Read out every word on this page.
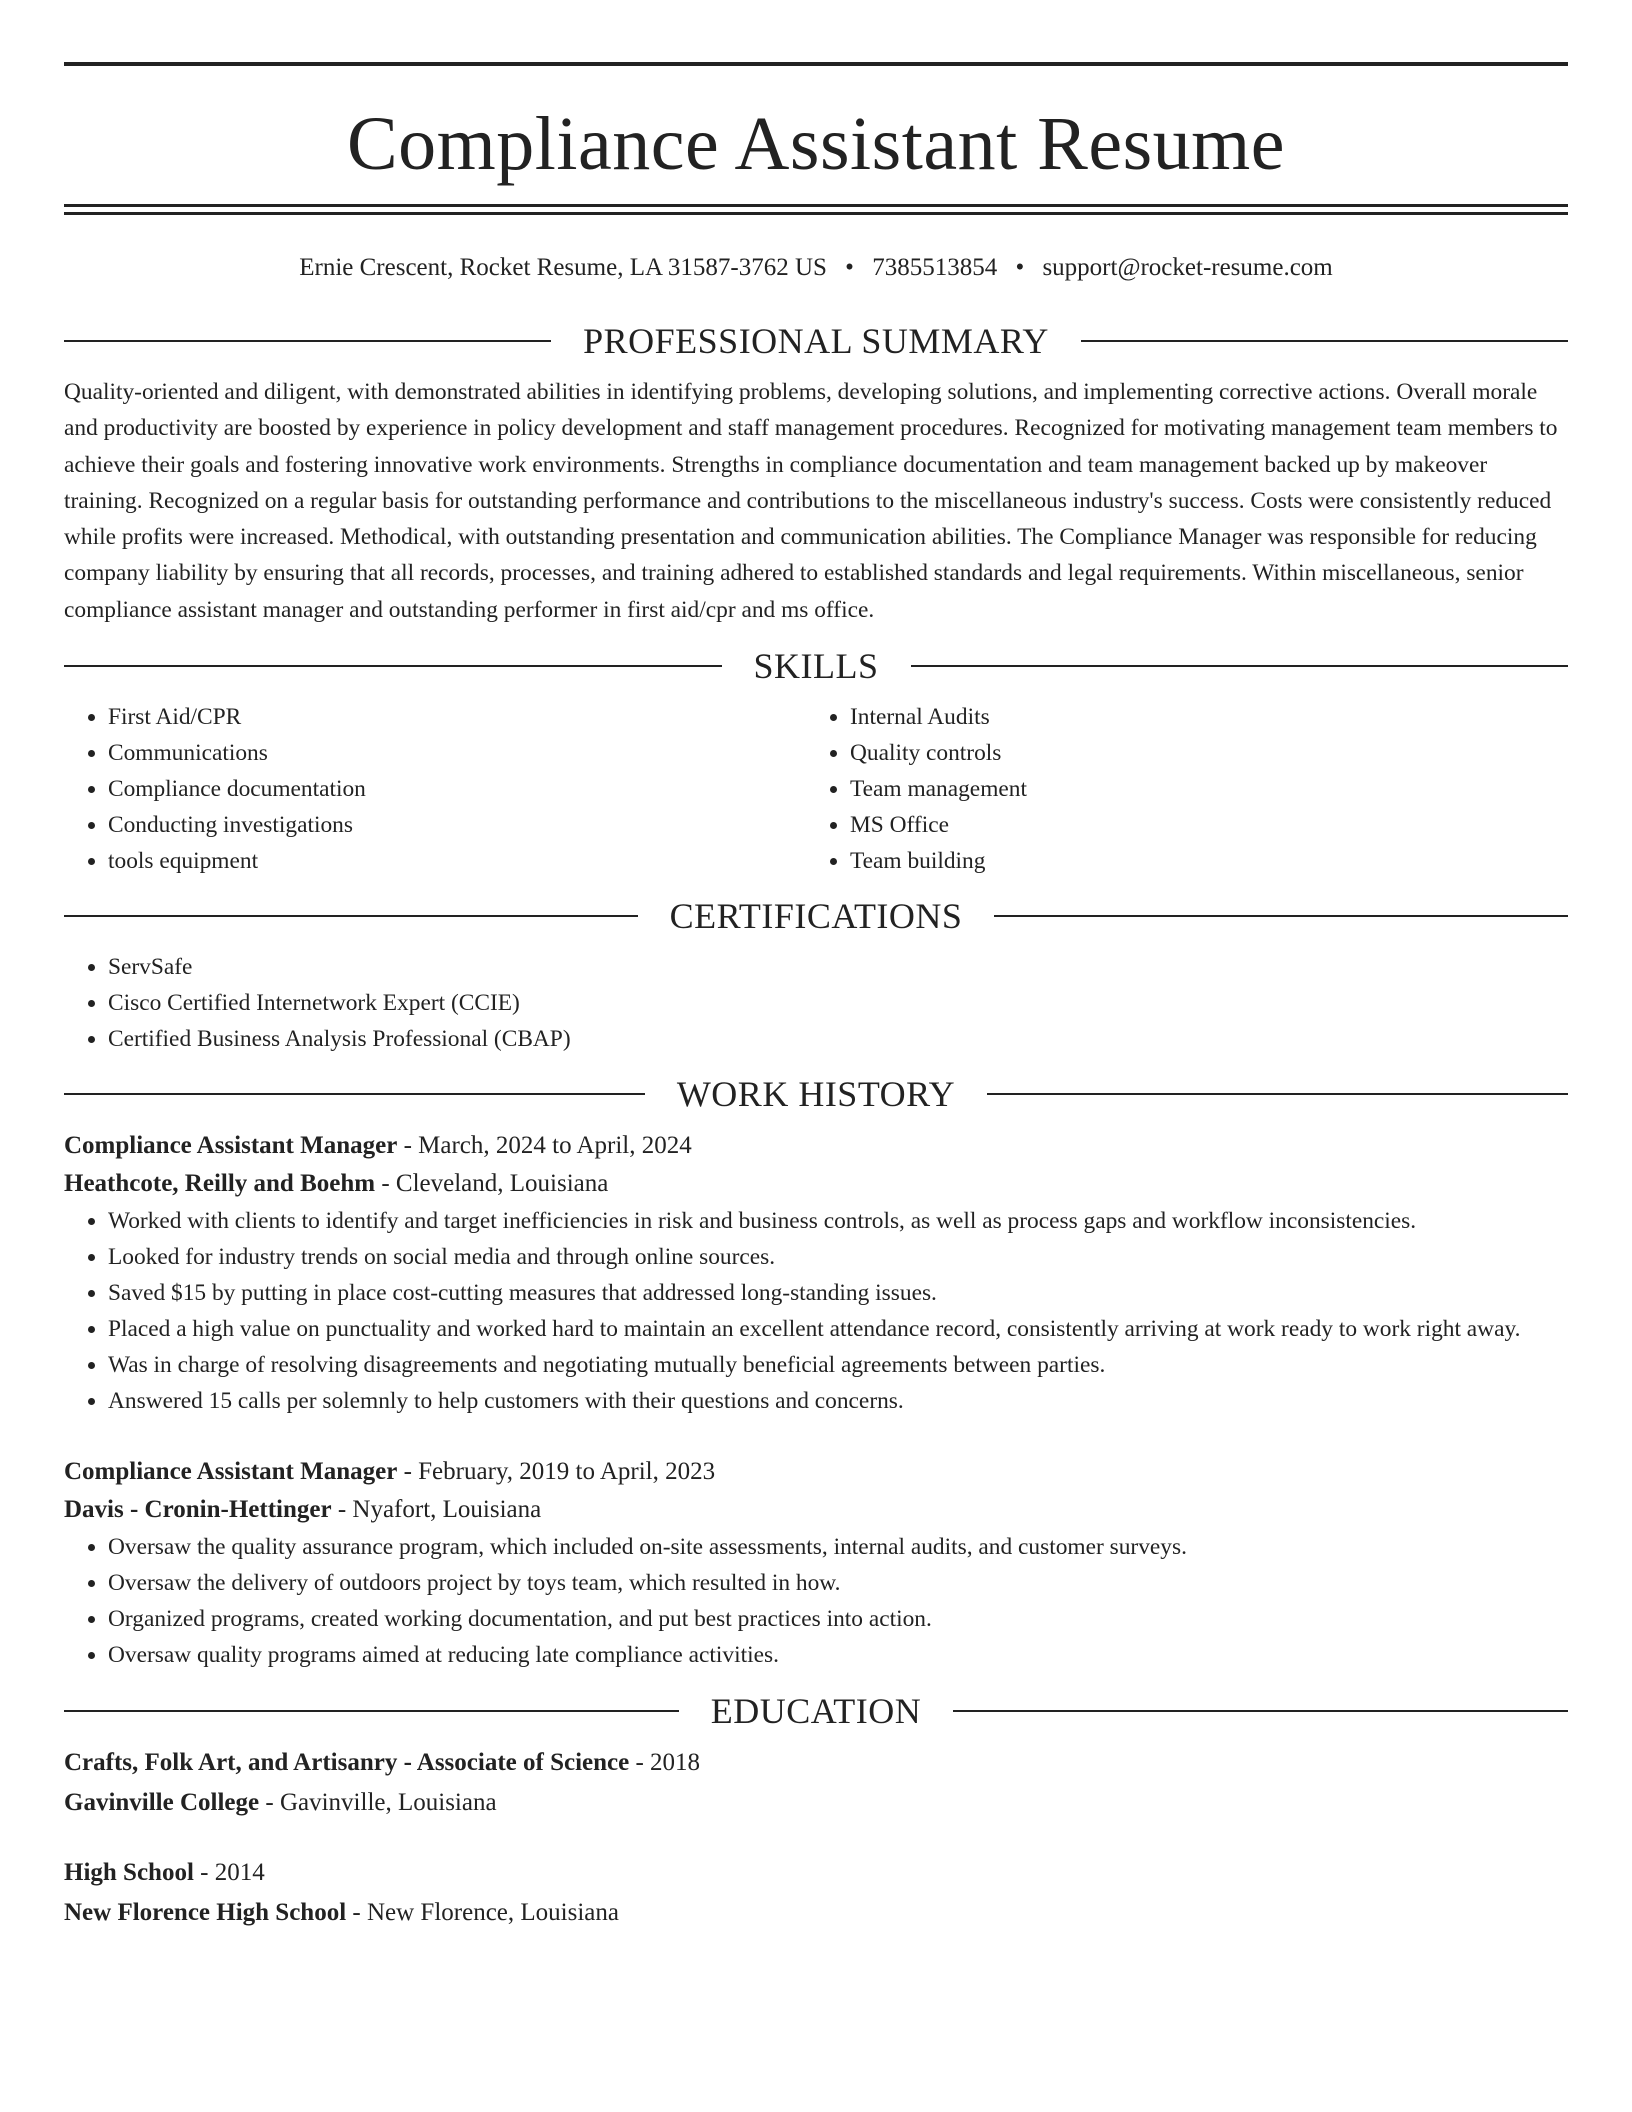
Compliance Assistant Resume
Ernie Crescent, Rocket Resume, LA 31587-3762 US • 7385513854 • support@rocket-resume.com
PROFESSIONAL SUMMARY
Quality-oriented and diligent, with demonstrated abilities in identifying problems, developing solutions, and implementing corrective actions. Overall morale and productivity are boosted by experience in policy development and staff management procedures. Recognized for motivating management team members to achieve their goals and fostering innovative work environments. Strengths in compliance documentation and team management backed up by makeover training. Recognized on a regular basis for outstanding performance and contributions to the miscellaneous industry's success. Costs were consistently reduced while profits were increased. Methodical, with outstanding presentation and communication abilities. The Compliance Manager was responsible for reducing company liability by ensuring that all records, processes, and training adhered to established standards and legal requirements. Within miscellaneous, senior compliance assistant manager and outstanding performer in first aid/cpr and ms office.
SKILLS
• First Aid/CPR
• Communications
• Compliance documentation
• Conducting investigations
• tools equipment
• Internal Audits
• Quality controls
• Team management
• MS Office
• Team building
CERTIFICATIONS
• ServSafe
• Cisco Certified Internetwork Expert (CCIE)
• Certified Business Analysis Professional (CBAP)
WORK HISTORY
Compliance Assistant Manager - March, 2024 to April, 2024
Heathcote, Reilly and Boehm - Cleveland, Louisiana
• Worked with clients to identify and target inefficiencies in risk and business controls, as well as process gaps and workflow inconsistencies.
• Looked for industry trends on social media and through online sources.
• Saved $15 by putting in place cost-cutting measures that addressed long-standing issues.
• Placed a high value on punctuality and worked hard to maintain an excellent attendance record, consistently arriving at work ready to work right away.
• Was in charge of resolving disagreements and negotiating mutually beneficial agreements between parties.
• Answered 15 calls per solemnly to help customers with their questions and concerns.
Compliance Assistant Manager - February, 2019 to April, 2023
Davis - Cronin-Hettinger - Nyafort, Louisiana
• Oversaw the quality assurance program, which included on-site assessments, internal audits, and customer surveys.
• Oversaw the delivery of outdoors project by toys team, which resulted in how.
• Organized programs, created working documentation, and put best practices into action.
• Oversaw quality programs aimed at reducing late compliance activities.
EDUCATION
Crafts, Folk Art, and Artisanry - Associate of Science - 2018
Gavinville College - Gavinville, Louisiana
High School - 2014
New Florence High School - New Florence, Louisiana
